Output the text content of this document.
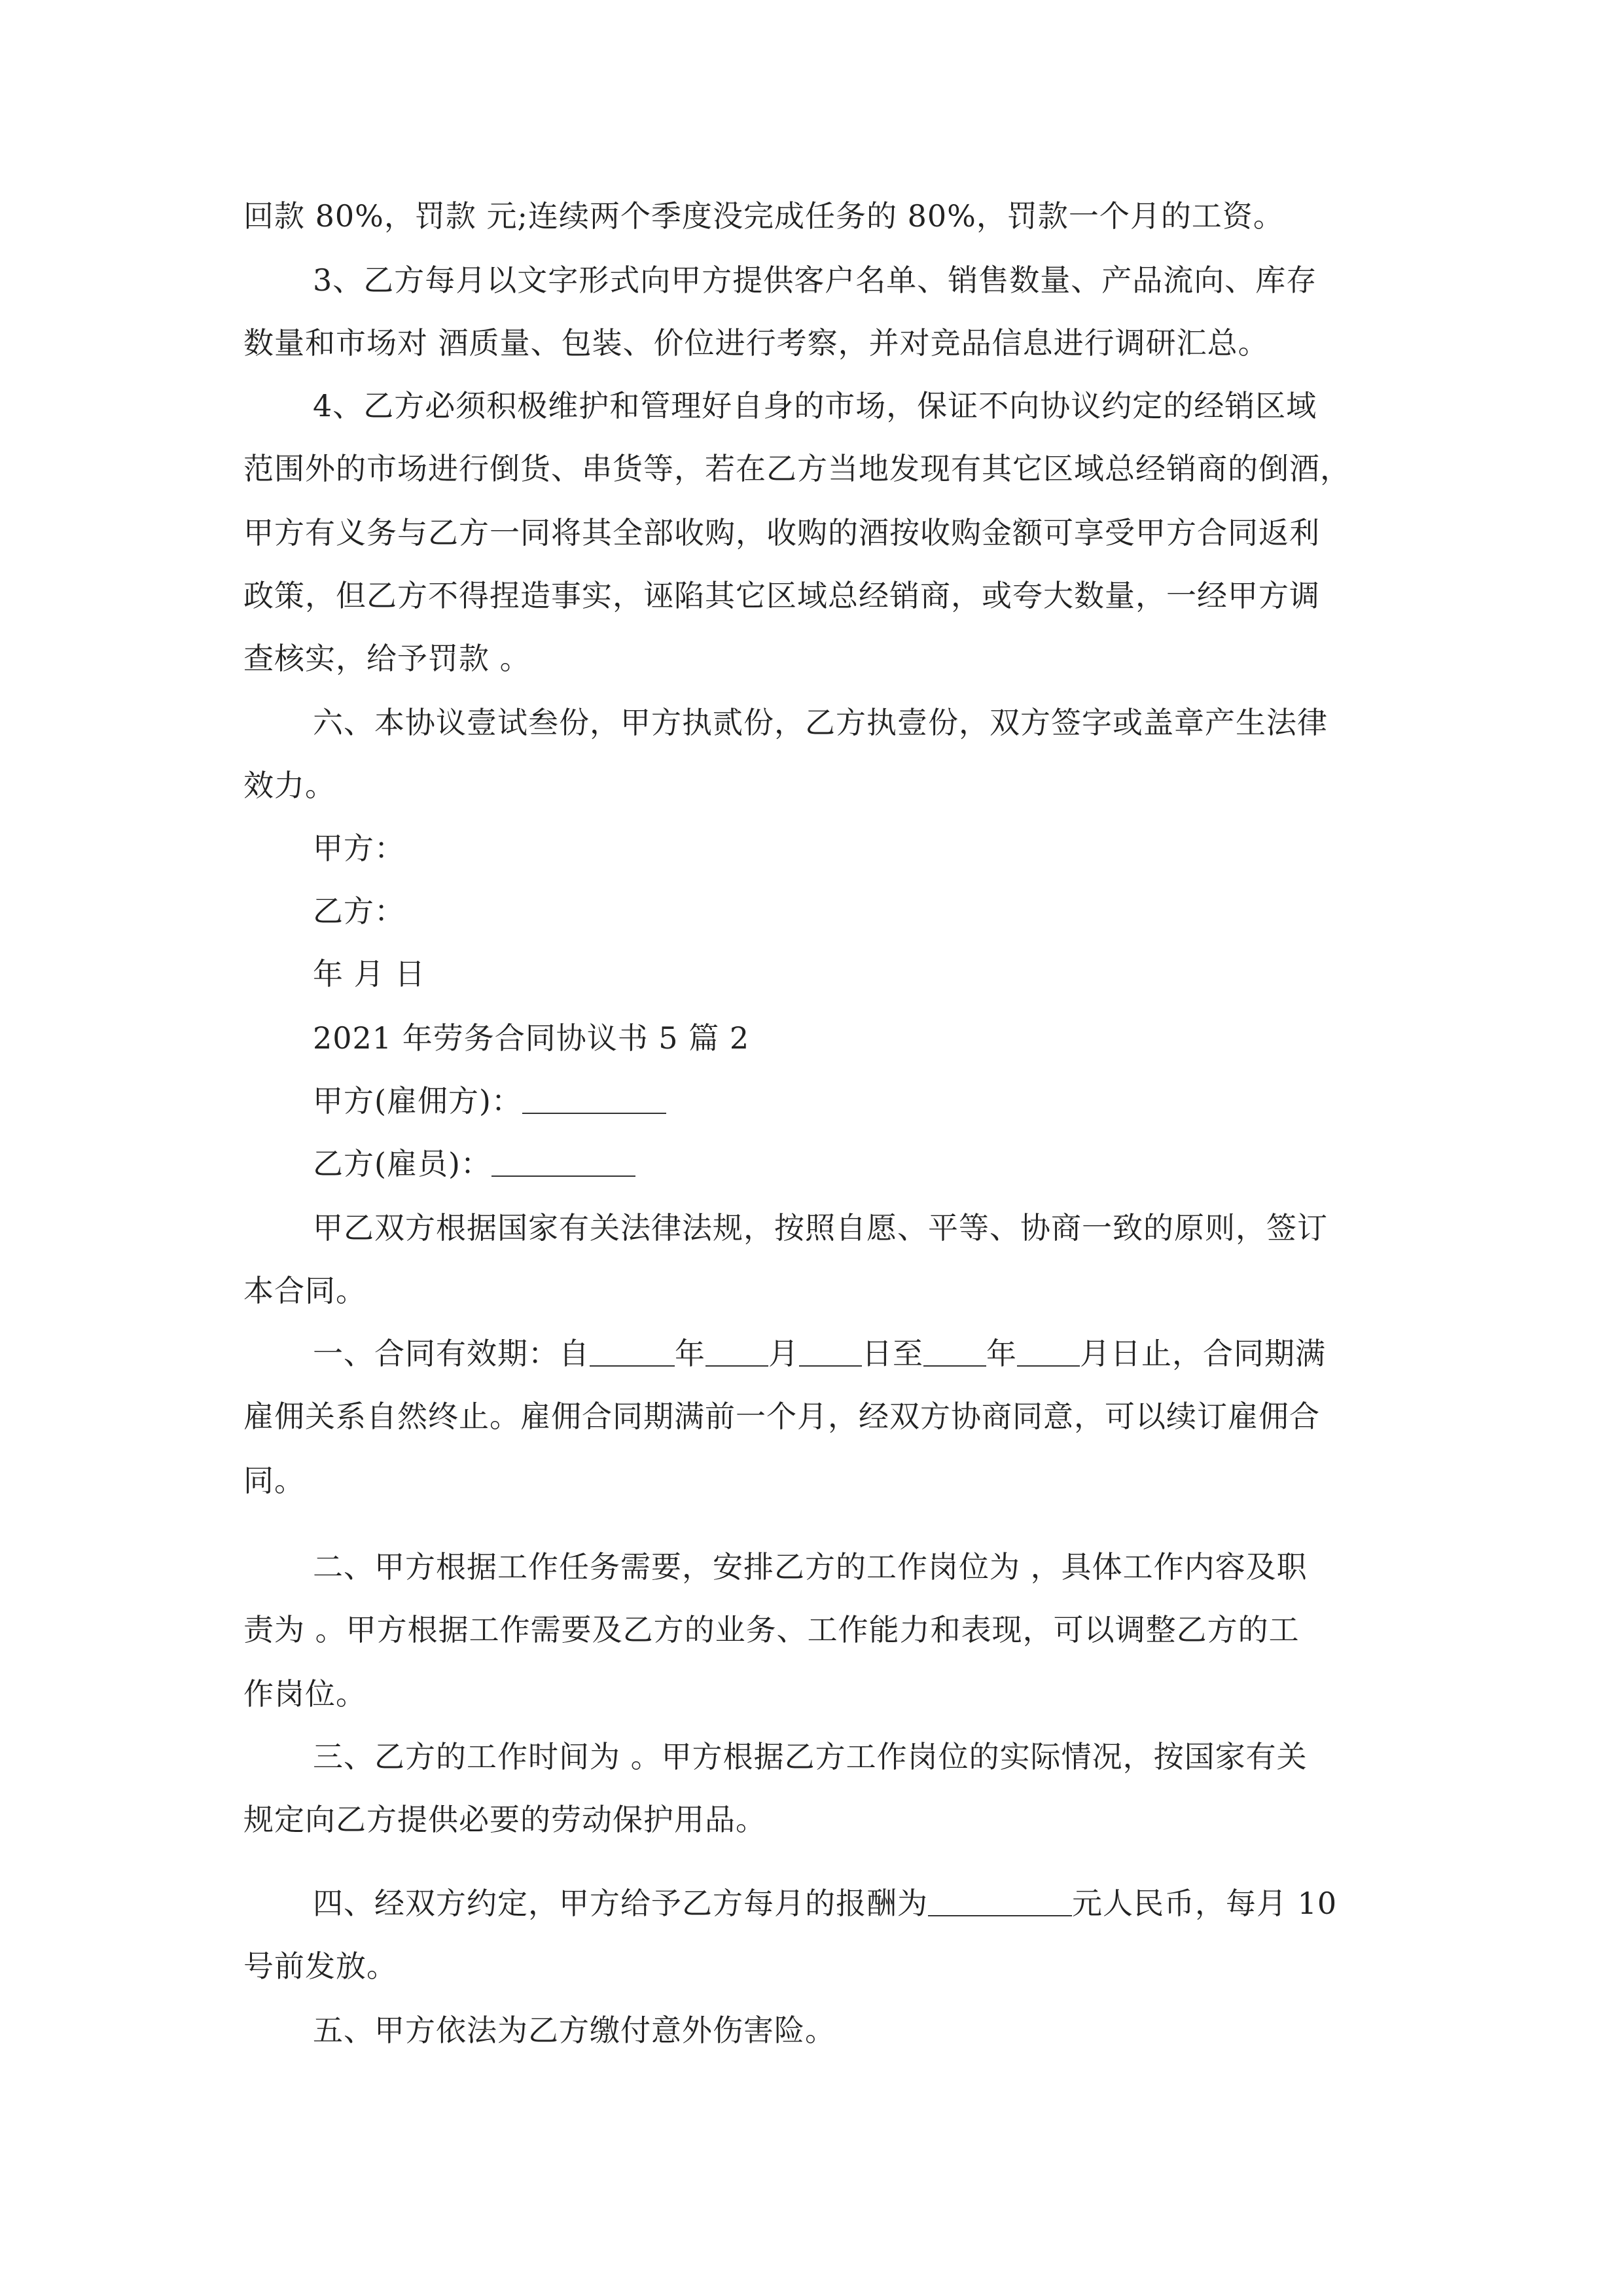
回款 80%，罚款 元;连续两个季度没完成任务的 80%，罚款一个月的工资。
3、乙方每月以文字形式向甲方提供客户名单、销售数量、产品流向、库存
数量和市场对 酒质量、包装、价位进行考察，并对竞品信息进行调研汇总。
4、乙方必须积极维护和管理好自身的市场，保证不向协议约定的经销区域
范围外的市场进行倒货、串货等，若在乙方当地发现有其它区域总经销商的倒酒，
甲方有义务与乙方一同将其全部收购，收购的酒按收购金额可享受甲方合同返利
政策，但乙方不得捏造事实，诬陷其它区域总经销商，或夸大数量，一经甲方调
查核实，给予罚款 。
六、本协议壹试叁份，甲方执贰份，乙方执壹份，双方签字或盖章产生法律
效力。
甲方：
乙方：
年 月 日
2021 年劳务合同协议书 5 篇 2
甲方(雇佣方)：
乙方(雇员)：
甲乙双方根据国家有关法律法规，按照自愿、平等、协商一致的原则，签订
本合同。
一、合同有效期：自	年 月 日至 年 月日止，合同期满
雇佣关系自然终止。雇佣合同期满前一个月，经双方协商同意，可以续订雇佣合
同。
二、甲方根据工作任务需要，安排乙方的工作岗位为 ，具体工作内容及职
责为 。甲方根据工作需要及乙方的业务、工作能力和表现，可以调整乙方的工
作岗位。
三、乙方的工作时间为 。甲方根据乙方工作岗位的实际情况，按国家有关
规定向乙方提供必要的劳动保护用品。
四、经双方约定，甲方给予乙方每月的报酬为	元人民币，每月 10
号前发放。
五、甲方依法为乙方缴付意外伤害险。
